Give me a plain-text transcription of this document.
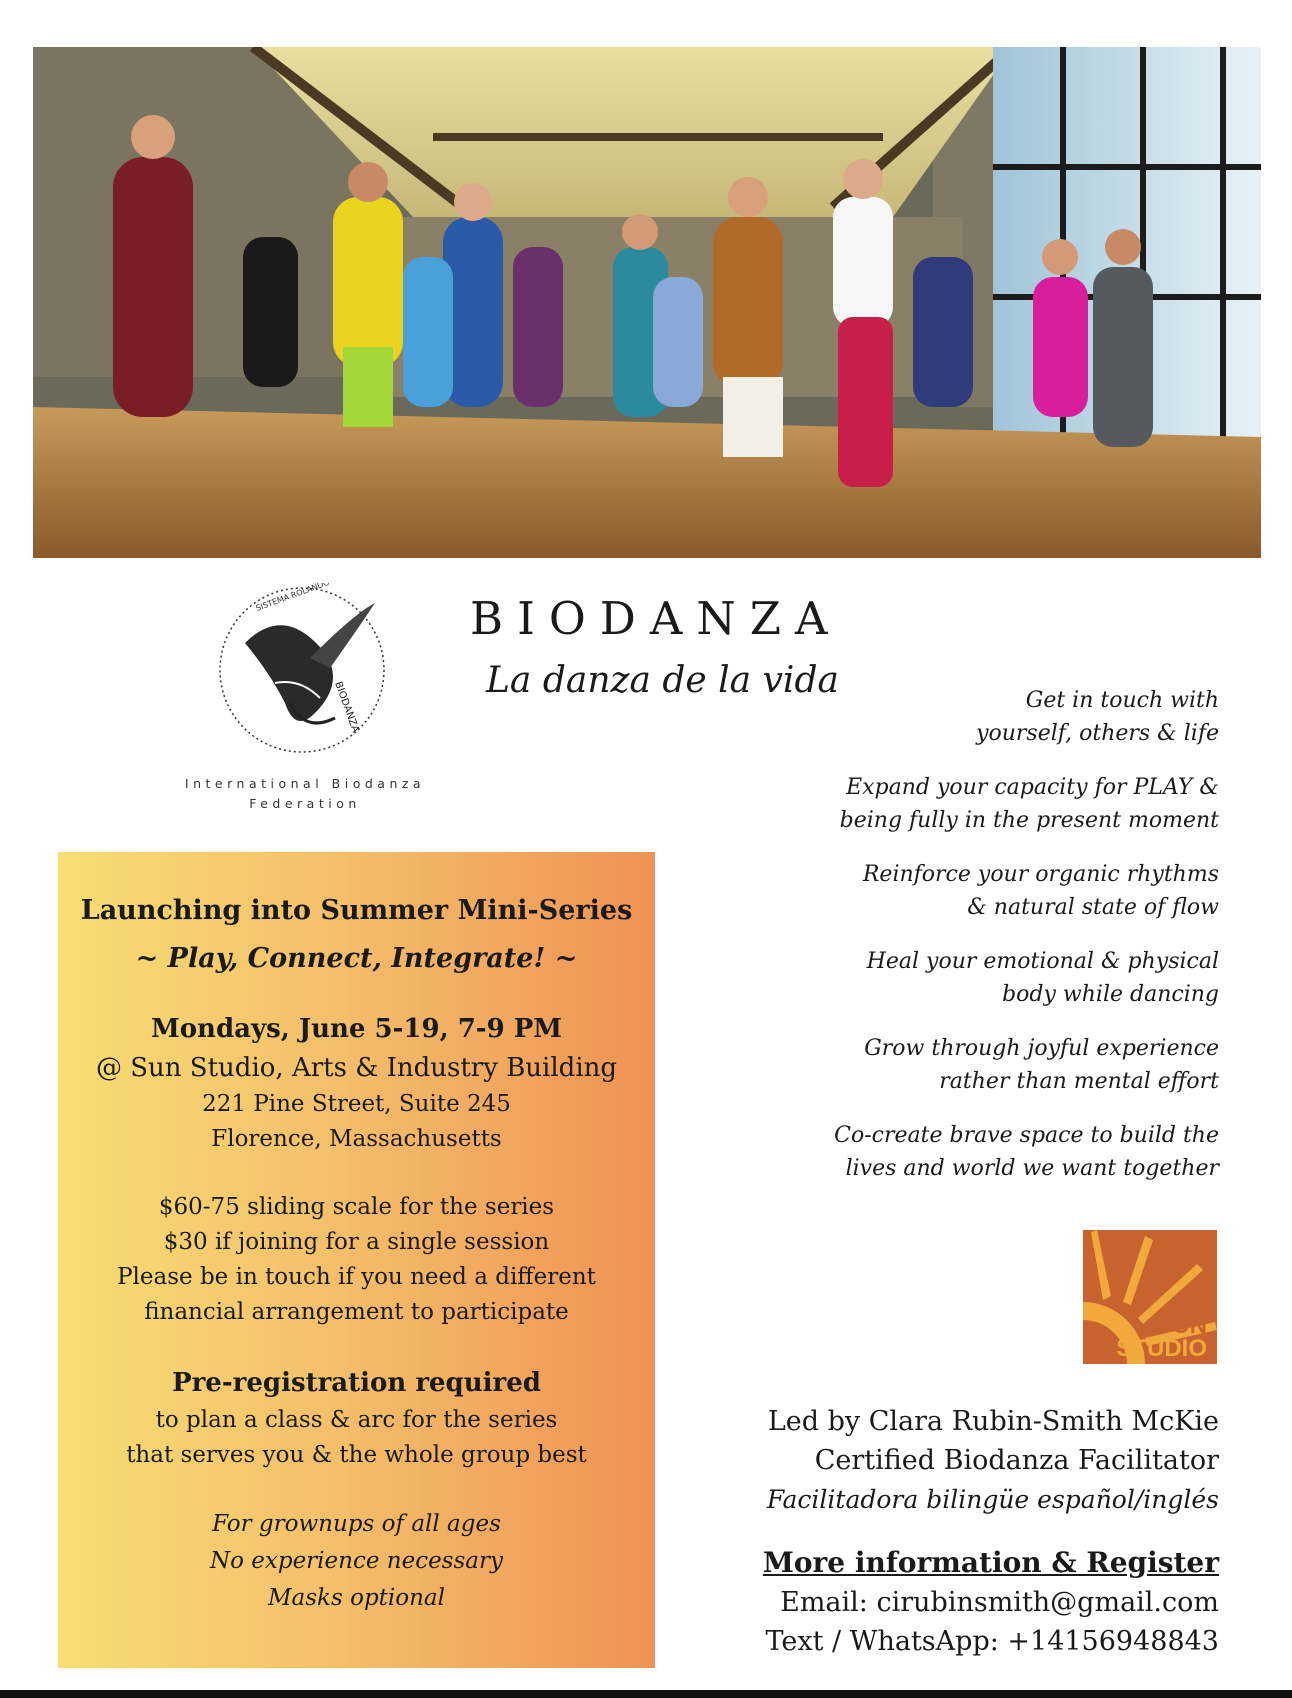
SISTEMA ROLANDO TORO
BIODANZA
International Biodanza
Federation
BIODANZA
La danza de la vida	Get in touch with
yourself, others & life
Expand your capacity for PLAY &
being fully in the present moment
Reinforce your organic rhythms
& natural state of flow
Heal your emotional & physical
body while dancing
Grow through joyful experience
rather than mental effort
Co-create brave space to build the
lives and world we want together
Launching into Summer Mini-Series
~ Play, Connect, Integrate! ~
Mondays, June 5-19, 7-9 PM
@ Sun Studio, Arts & Industry Building
221 Pine Street, Suite 245
Florence, Massachusetts
$60-75 sliding scale for the series
$30 if joining for a single session
Please be in touch if you need a different
financial arrangement to participate
Pre-registration required
to plan a class & arc for the series
that serves you & the whole group best
For grownups of all ages
No experience necessary
Masks optional
SUN
STUDIO
Led by Clara Rubin-Smith McKie
Certified Biodanza Facilitator
Facilitadora bilingüe español/inglés
More information & Register
Email: cirubinsmith@gmail.com
Text / WhatsApp: +14156948843
